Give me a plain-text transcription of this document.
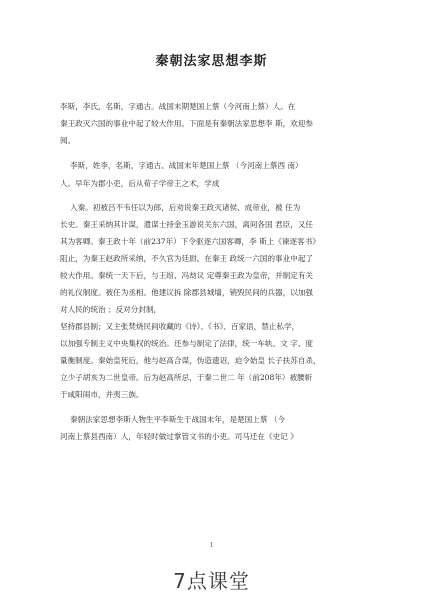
秦朝法家思想李斯
李斯，李氏，名斯，字通古。战国末期楚国上蔡（今河南上蔡）人。在
秦王政灭六国的事业中起了较大作用。下面是有秦朝法家思想李 斯，欢迎参
阅。
李斯，姓李，名斯，字通古。战国末年楚国上蔡 （今河南上蔡西 南）
人。早年为郡小吏，后从荀子学帝王之术，学成
入秦。初被吕不韦任以为郎，后劝说秦王政灭诸侯、成帝业，被 任为
长史。秦王采纳其计谋，遣谋士持金玉游说关东六国，离间各国 君臣，又任
其为客卿。秦王政十年（前237年）下令驱逐六国客卿，李 斯上《谏逐客书》
阻止，为秦王赵政所采纳，不久官为廷尉。在秦王 政统一六国的事业中起了
较大作用。秦统一天下后，与王绾、冯劫议 定尊秦王政为皇帝，并制定有关
的礼仪制度。被任为丞相。他建议拆 除郡县城墙，销毁民间的兵器，以加强
对人民的统治 ；反对分封制，
坚持郡县制；又主张焚烧民间收藏的《诗》、《书》、百家语，禁止私学，
以加强专制主义中央集权的统治。还参与制定了法律，统一车轨、文 字、度
量衡制度。秦始皇死后，他与赵高合谋，伪造遗诏，迫令始皇 长子扶苏自杀，
立少子胡亥为二世皇帝。后为赵高所忌，于秦二世二 年（前208年）被腰斩
于咸阳闹市，并夷三族。
秦朝法家思想李斯人物生平李斯生于战国末年，是楚国上蔡 （今
河南上蔡县西南）人，年轻时做过掌管文书的小吏。司马迁在《史记 》
1
7点课堂
